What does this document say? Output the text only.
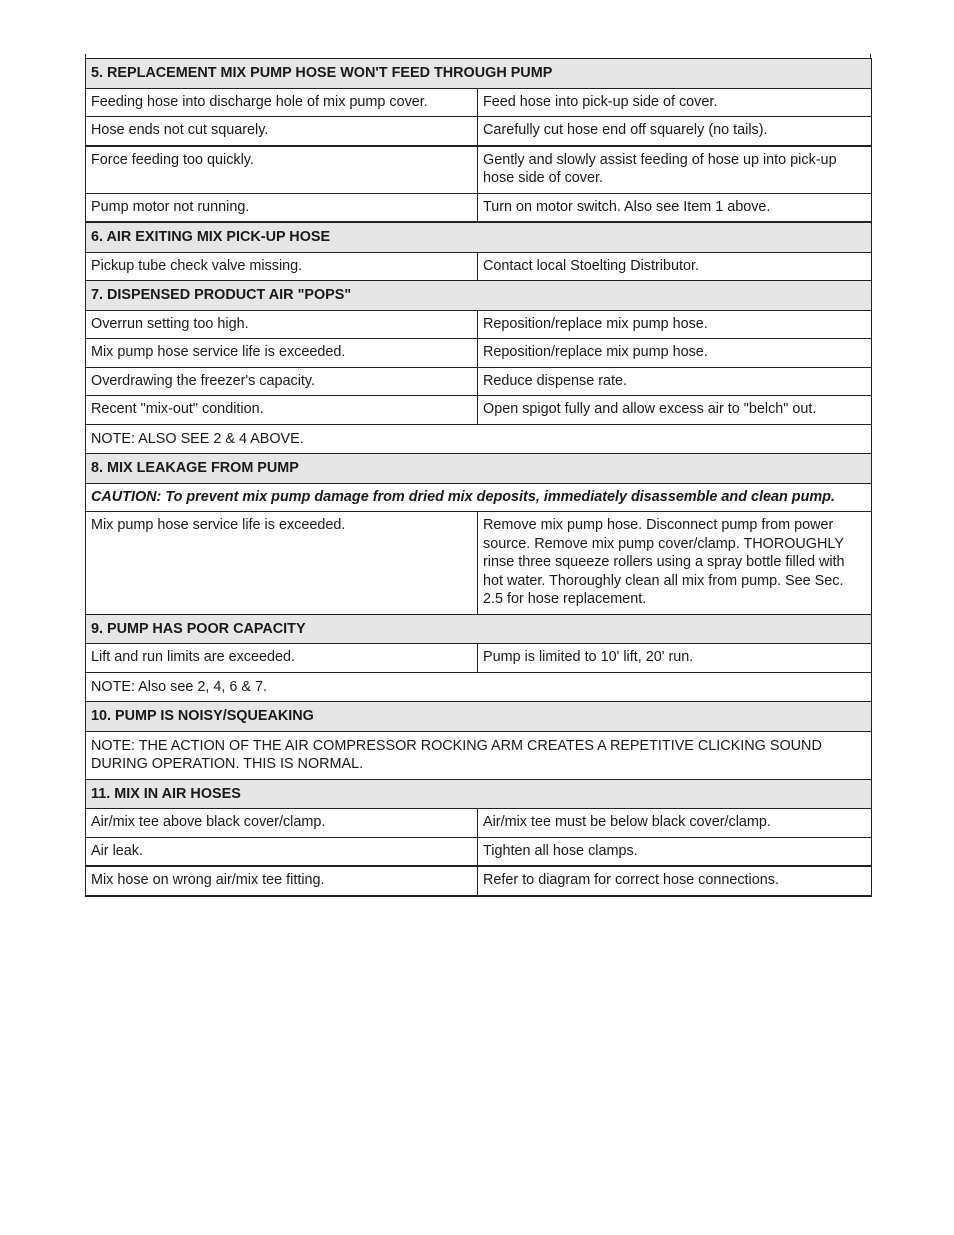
5. REPLACEMENT MIX PUMP HOSE WON'T FEED THROUGH PUMP	
Feeding hose into discharge hole of mix pump cover.	Feed hose into pick-up side of cover.
Hose ends not cut squarely.	Carefully cut hose end off squarely (no tails).
Force feeding too quickly.	Gently and slowly assist feeding of hose up into pick-up hose side of cover.
Pump motor not running.	Turn on motor switch. Also see Item 1 above.
6. AIR EXITING MIX PICK-UP HOSE	
Pickup tube check valve missing.	Contact local Stoelting Distributor.
7. DISPENSED PRODUCT AIR "POPS"	
Overrun setting too high.	Reposition/replace mix pump hose.
Mix pump hose service life is exceeded.	Reposition/replace mix pump hose.
Overdrawing the freezer's capacity.	Reduce dispense rate.
Recent "mix-out" condition.	Open spigot fully and allow excess air to "belch" out.
NOTE: ALSO SEE 2 & 4 ABOVE.	
8. MIX LEAKAGE FROM PUMP	
CAUTION: To prevent mix pump damage from dried mix deposits, immediately disassemble and clean pump.	
Mix pump hose service life is exceeded.	Remove mix pump hose. Disconnect pump from power source. Remove mix pump cover/clamp. THOROUGHLY rinse three squeeze rollers using a spray bottle filled with hot water. Thoroughly clean all mix from pump. See Sec. 2.5 for hose replacement.
9. PUMP HAS POOR CAPACITY	
Lift and run limits are exceeded.	Pump is limited to 10' lift, 20' run.
NOTE: Also see 2, 4, 6 & 7.	
10. PUMP IS NOISY/SQUEAKING	
NOTE: THE ACTION OF THE AIR COMPRESSOR ROCKING ARM CREATES A REPETITIVE CLICKING SOUND DURING OPERATION. THIS IS NORMAL.	
11. MIX IN AIR HOSES	
Air/mix tee above black cover/clamp.	Air/mix tee must be below black cover/clamp.
Air leak.	Tighten all hose clamps.
Mix hose on wrong air/mix tee fitting.	Refer to diagram for correct hose connections.
